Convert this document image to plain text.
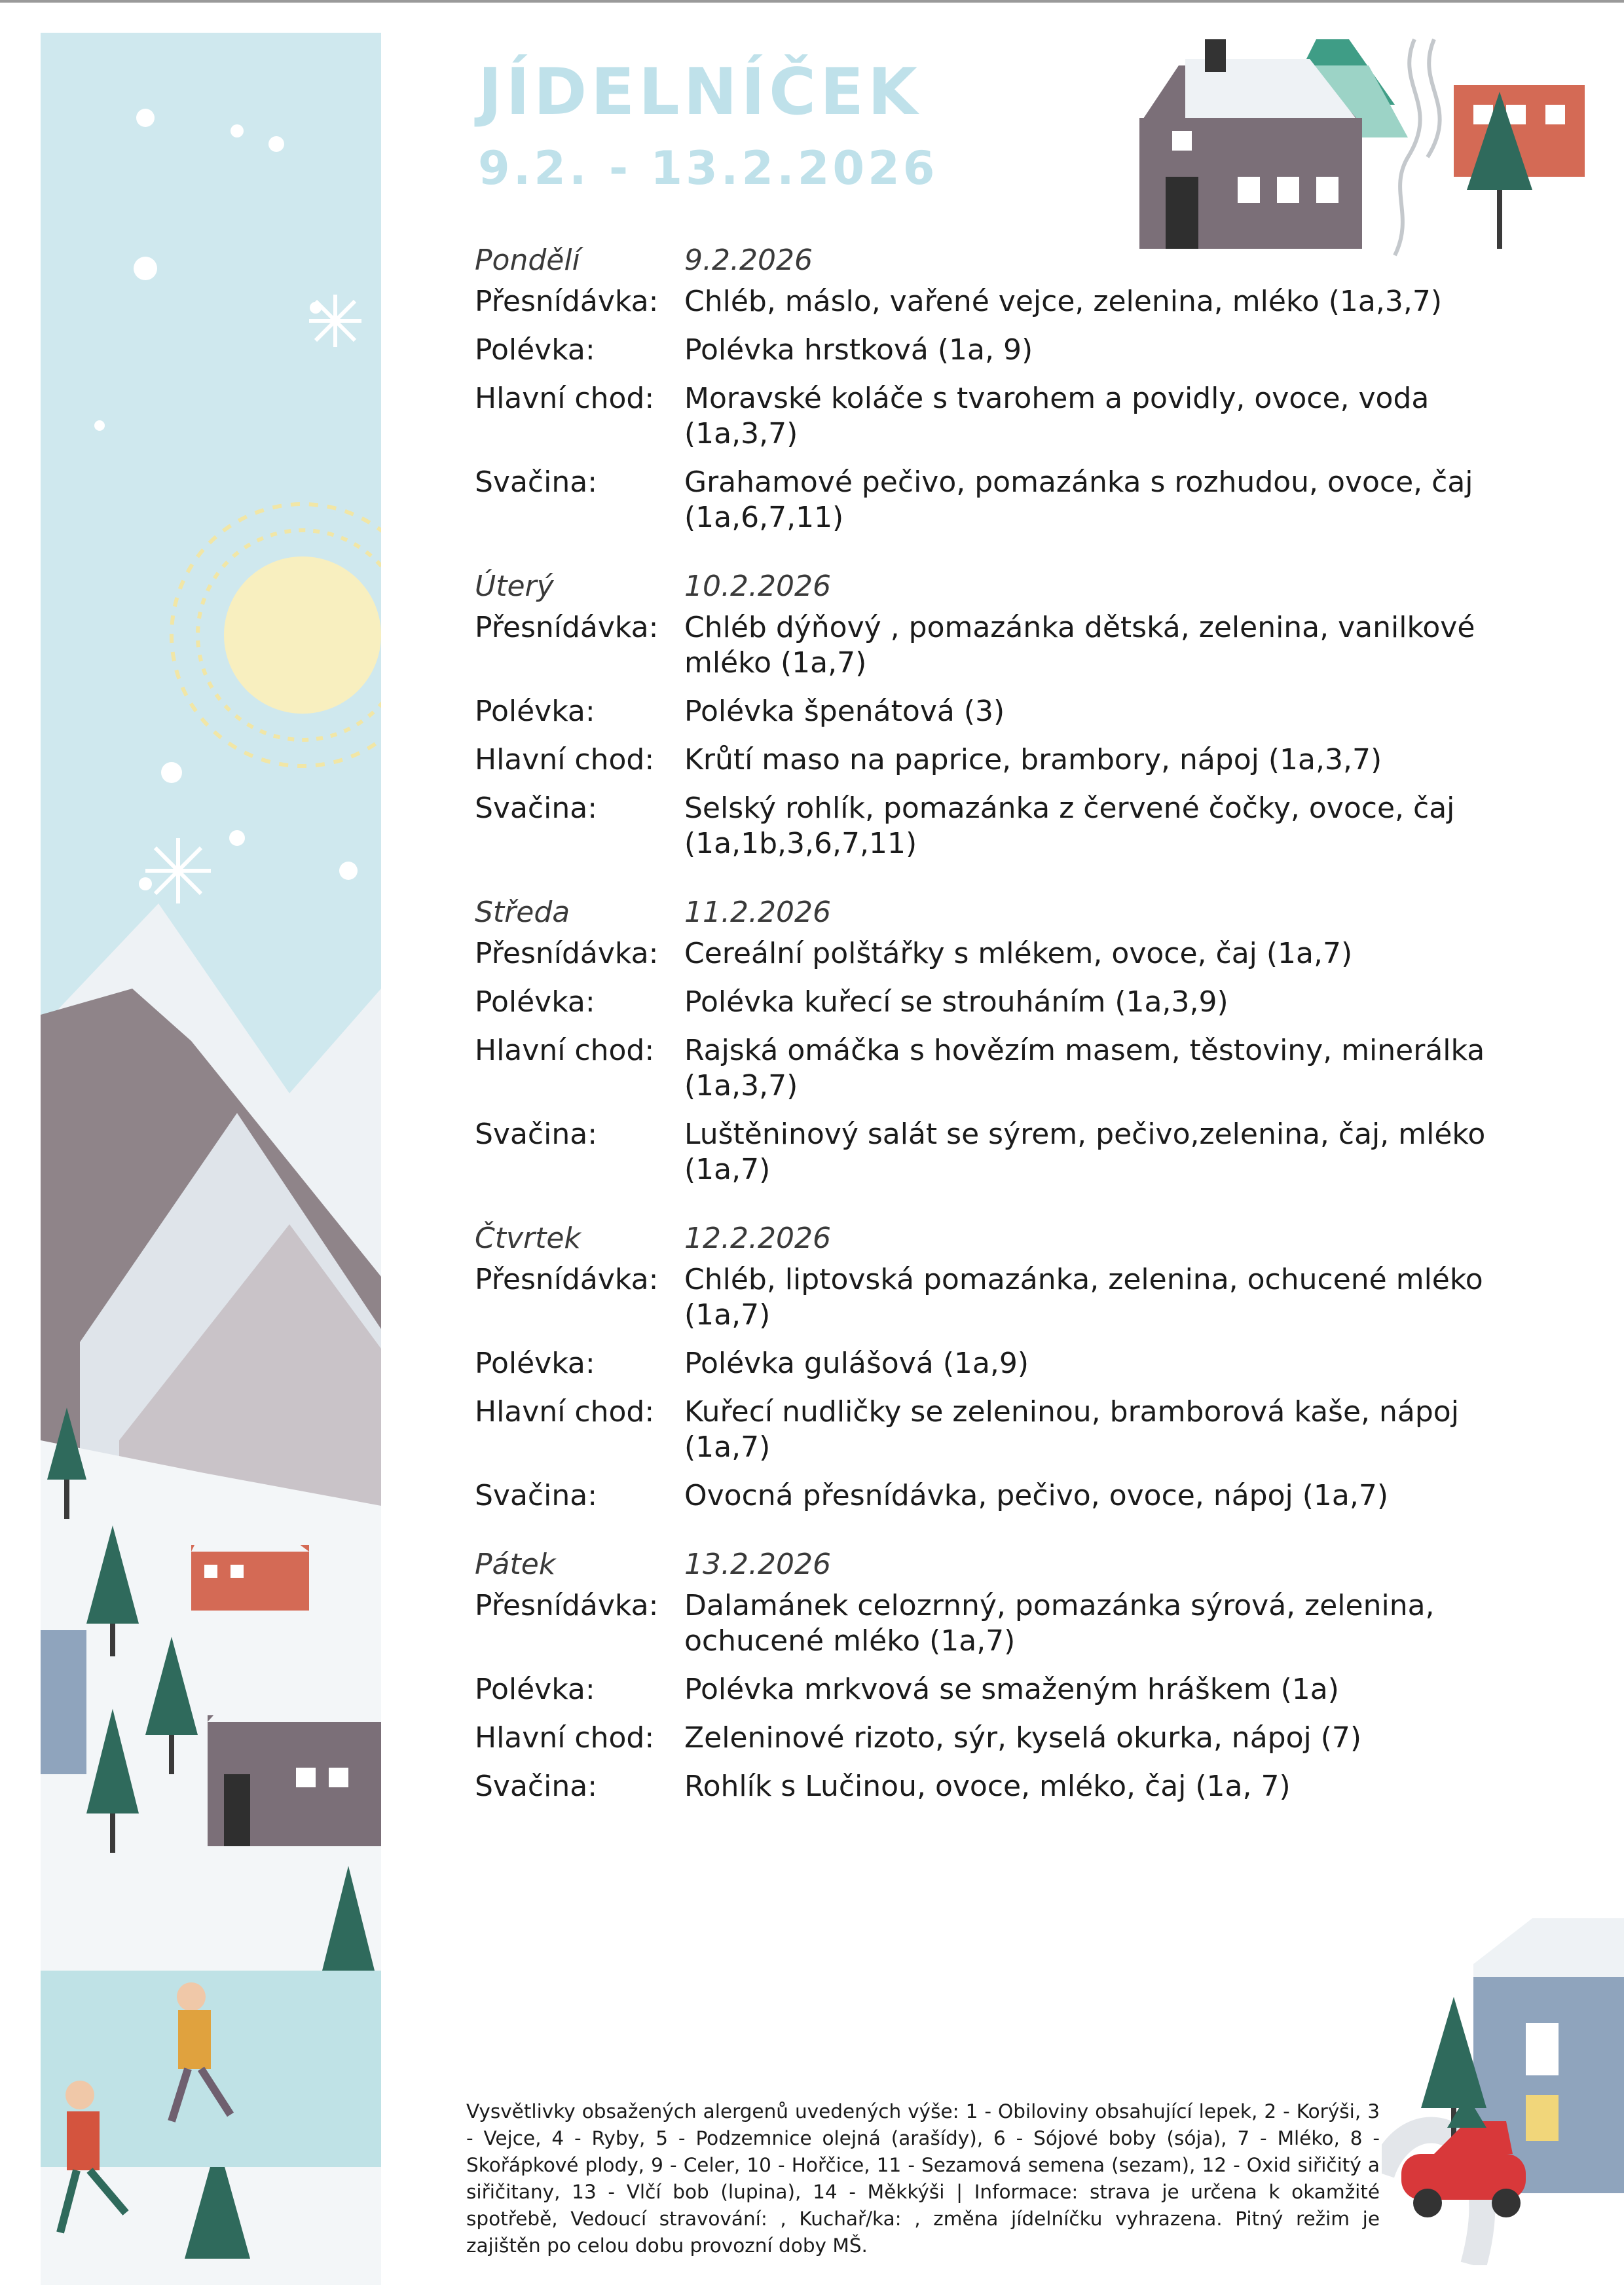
JÍDELNÍČEK
9.2. - 13.2.2026
Pondělí	9.2.2026
Přesnídávka: Chléb, máslo, vařené vejce, zelenina, mléko (1a,3,7)
Polévka:	Polévka hrstková (1a, 9)
Hlavní chod:	Moravské koláče s tvarohem a povidly, ovoce, voda (1a,3,7)
Svačina:	Grahamové pečivo, pomazánka s rozhudou, ovoce, čaj (1a,6,7,11)
Úterý	10.2.2026
Přesnídávka: Chléb dýňový , pomazánka dětská, zelenina, vanilkové mléko (1a,7)
Polévka:	Polévka špenátová (3)
Hlavní chod:	Krůtí maso na paprice, brambory, nápoj (1a,3,7)
Svačina:	Selský rohlík, pomazánka z červené čočky, ovoce, čaj (1a,1b,3,6,7,11)
Středa	11.2.2026
Přesnídávka: Cereální polštářky s mlékem, ovoce, čaj (1a,7)
Polévka:	Polévka kuřecí se strouháním (1a,3,9)
Hlavní chod:	Rajská omáčka s hovězím masem, těstoviny, minerálka (1a,3,7)
Svačina:	Luštěninový salát se sýrem, pečivo,zelenina, čaj, mléko (1a,7)
Čtvrtek	12.2.2026
Přesnídávka: Chléb, liptovská pomazánka, zelenina, ochucené mléko (1a,7)
Polévka:	Polévka gulášová (1a,9)
Hlavní chod:	Kuřecí nudličky se zeleninou, bramborová kaše, nápoj (1a,7)
Svačina:	Ovocná přesnídávka, pečivo, ovoce, nápoj (1a,7)
Pátek	13.2.2026
Přesnídávka: Dalamánek celozrnný, pomazánka sýrová, zelenina, ochucené mléko (1a,7)
Polévka:	Polévka mrkvová se smaženým hráškem (1a)
Hlavní chod:	Zeleninové rizoto, sýr, kyselá okurka, nápoj (7)
Svačina:	Rohlík s Lučinou, ovoce, mléko, čaj (1a, 7)
Vysvětlivky obsažených alergenů uvedených výše: 1 - Obiloviny obsahující lepek, 2 - Korýši, 3 - Vejce, 4 - Ryby, 5 - Podzemnice olejná (arašídy), 6 - Sójové boby (sója), 7 - Mléko, 8 - Skořápkové plody, 9 - Celer, 10 - Hořčice, 11 - Sezamová semena (sezam), 12 - Oxid siřičitý a siřičitany, 13 - Vlčí bob (lupina), 14 - Měkkýši | Informace: strava je určena k okamžité spotřebě, Vedoucí stravování: , Kuchař/ka: , změna jídelníčku vyhrazena. Pitný režim je zajištěn po celou dobu provozní doby MŠ.
